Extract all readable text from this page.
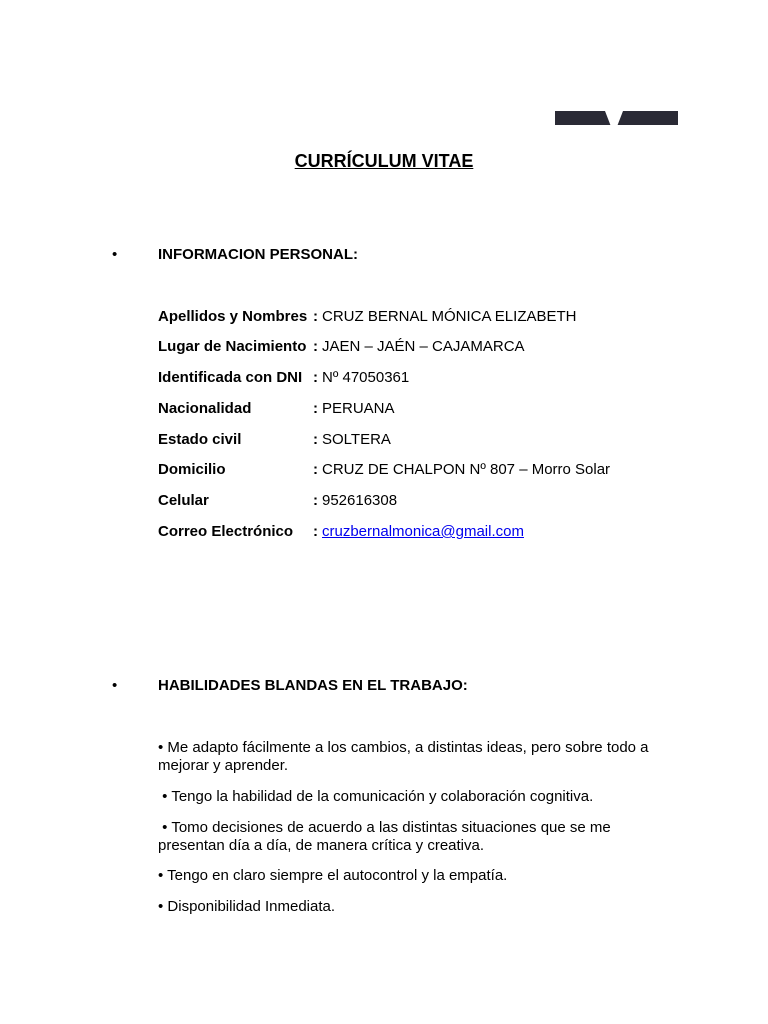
CURRÍCULUM VITAE
•	INFORMACION PERSONAL:
Apellidos y Nombres : CRUZ BERNAL MÓNICA ELIZABETH
Lugar de Nacimiento : JAEN – JAÉN – CAJAMARCA
Identificada con DNI : Nº 47050361
Nacionalidad	: PERUANA
Estado civil	: SOLTERA
Domicilio	: CRUZ DE CHALPON Nº 807 – Morro Solar
Celular	: 952616308
Correo Electrónico : cruzbernalmonica@gmail.com
•	HABILIDADES BLANDAS EN EL TRABAJO:
• Me adapto fácilmente a los cambios, a distintas ideas, pero sobre todo a mejorar y aprender.
• Tengo la habilidad de la comunicación y colaboración cognitiva.
• Tomo decisiones de acuerdo a las distintas situaciones que se me presentan día a día, de manera crítica y creativa.
• Tengo en claro siempre el autocontrol y la empatía.
• Disponibilidad Inmediata.
